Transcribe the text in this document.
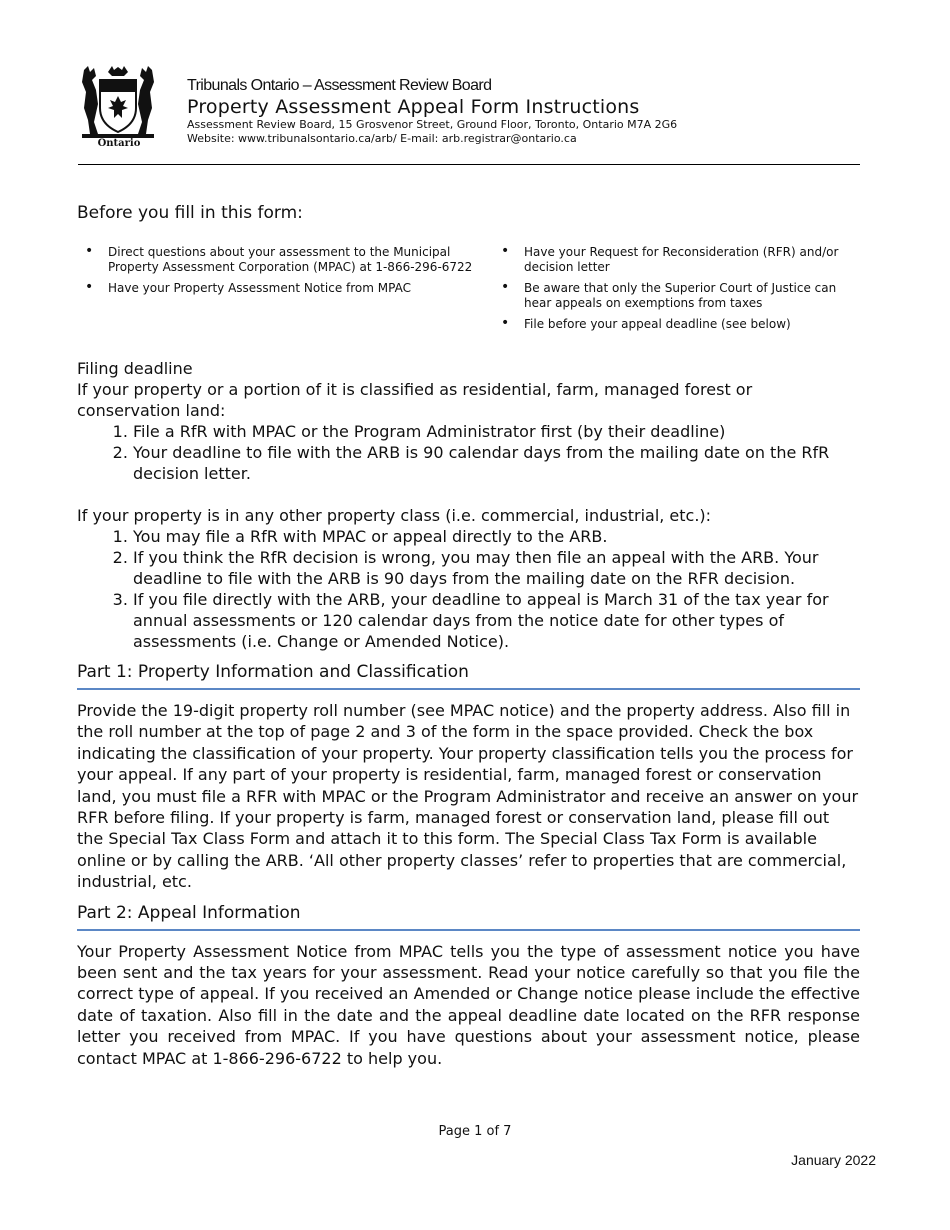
Ontario
Tribunals Ontario – Assessment Review Board
Property Assessment Appeal Form Instructions
Assessment Review Board, 15 Grosvenor Street, Ground Floor, Toronto, Ontario M7A 2G6
Website: www.tribunalsontario.ca/arb/ E-mail: arb.registrar@ontario.ca
Before you fill in this form:
• Direct questions about your assessment to the Municipal Property Assessment Corporation (MPAC) at 1-866-296-6722
• Have your Property Assessment Notice from MPAC
• Have your Request for Reconsideration (RFR) and/or decision letter
• Be aware that only the Superior Court of Justice can hear appeals on exemptions from taxes
• File before your appeal deadline (see below)

Filing deadline

If your property or a portion of it is classified as residential, farm, managed forest or conservation land:

1. File a RfR with MPAC or the Program Administrator first (by their deadline)
2. Your deadline to file with the ARB is 90 calendar days from the mailing date on the RfR decision letter.

If your property is in any other property class (i.e. commercial, industrial, etc.):

1. You may file a RfR with MPAC or appeal directly to the ARB.
2. If you think the RfR decision is wrong, you may then file an appeal with the ARB. Your deadline to file with the ARB is 90 days from the mailing date on the RFR decision.
3. If you file directly with the ARB, your deadline to appeal is March 31 of the tax year for annual assessments or 120 calendar days from the notice date for other types of assessments (i.e. Change or Amended Notice).
Part 1: Property Information and Classification

Provide the 19-digit property roll number (see MPAC notice) and the property address. Also fill in the roll number at the top of page 2 and 3 of the form in the space provided. Check the box indicating the classification of your property. Your property classification tells you the process for your appeal. If any part of your property is residential, farm, managed forest or conservation land, you must file a RFR with MPAC or the Program Administrator and receive an answer on your RFR before filing. If your property is farm, managed forest or conservation land, please fill out the Special Tax Class Form and attach it to this form. The Special Class Tax Form is available online or by calling the ARB. ‘All other property classes’ refer to properties that are commercial, industrial, etc.

Part 2: Appeal Information

Your Property Assessment Notice from MPAC tells you the type of assessment notice you have been sent and the tax years for your assessment. Read your notice carefully so that you file the correct type of appeal. If you received an Amended or Change notice please include the effective date of taxation. Also fill in the date and the appeal deadline date located on the RFR response letter you received from MPAC. If you have questions about your assessment notice, please contact MPAC at 1-866-296-6722 to help you.

Page 1 of 7
January 2022
